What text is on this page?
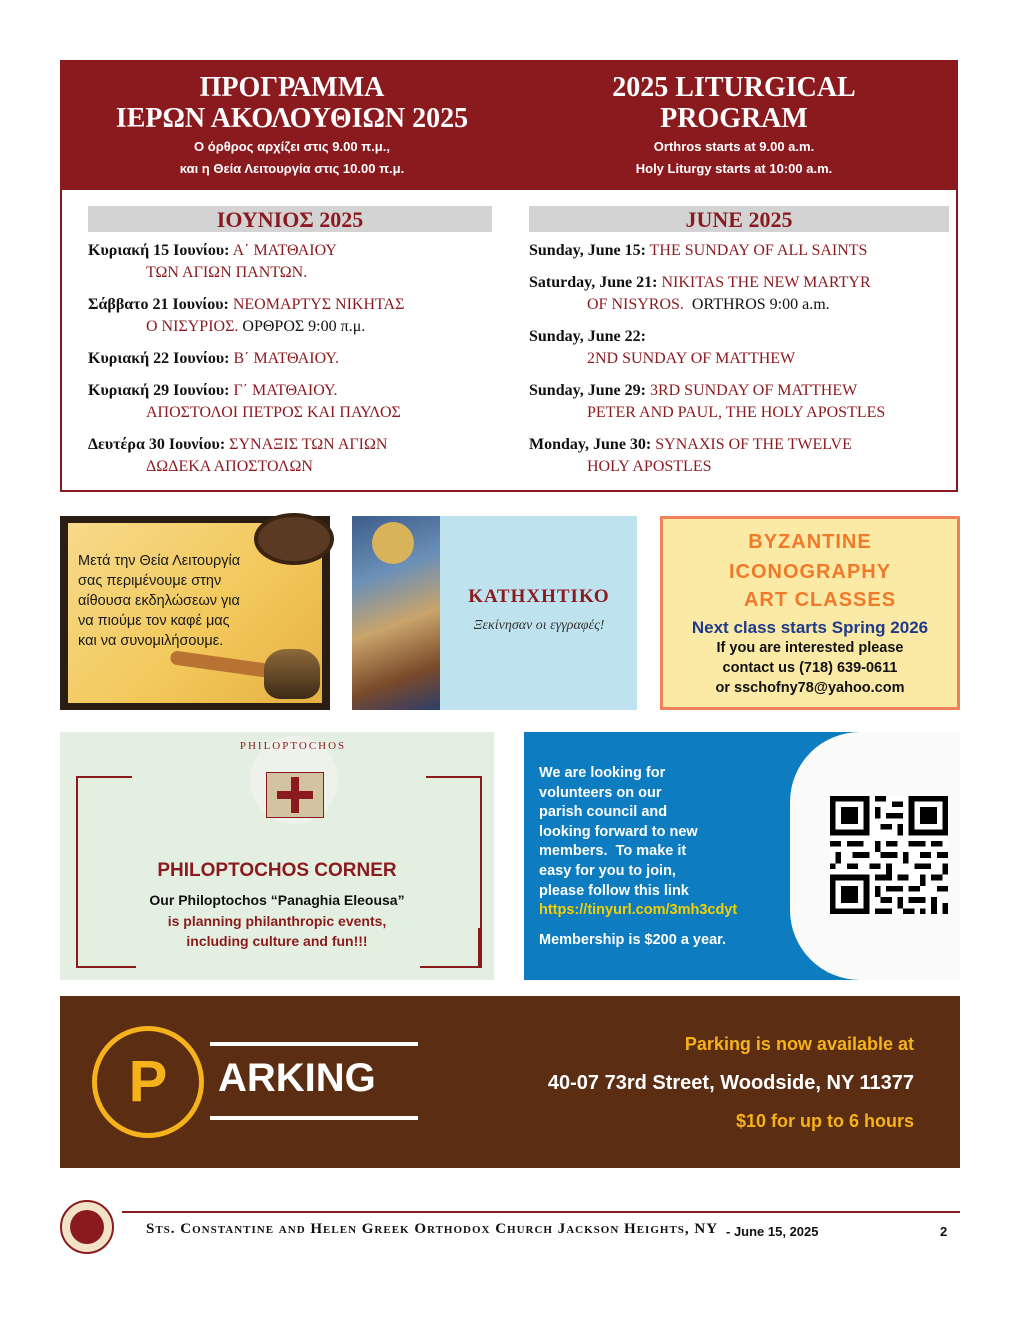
ΠΡΟΓΡΑΜΜΑ
ΙΕΡΩΝ ΑΚΟΛΟΥΘΙΩΝ 2025
Ο όρθρος αρχίζει στις 9.00 π.μ.,
και η Θεία Λειτουργία στις 10.00 π.μ.
2025 LITURGICAL
PROGRAM
Orthros starts at 9.00 a.m.
Holy Liturgy starts at 10:00 a.m.
ΙΟΥΝΙΟΣ 2025	JUNE 2025
Κυριακή 15 Ιουνίου: Α΄ ΜΑΤΘΑΙΟΥ
ΤΩΝ ΑΓΙΩΝ ΠΑΝΤΩΝ.
Σάββατο 21 Ιουνίου: ΝΕΟΜΑΡΤΥΣ ΝΙΚΗΤΑΣ
Ο ΝΙΣΥΡΙΟΣ. ΟΡΘΡΟΣ 9:00 π.μ.
Κυριακή 22 Ιουνίου: Β΄ ΜΑΤΘΑΙΟΥ.
Κυριακή 29 Ιουνίου: Γ΄ ΜΑΤΘΑΙΟΥ.
ΑΠΟΣΤΟΛΟΙ ΠΕΤΡΟΣ ΚΑΙ ΠΑΥΛΟΣ
Δευτέρα 30 Ιουνίου: ΣΥΝΑΞΙΣ ΤΩΝ ΑΓΙΩΝ
ΔΩΔΕΚΑ ΑΠΟΣΤΟΛΩΝ
Sunday, June 15: THE SUNDAY OF ALL SAINTS
Saturday, June 21: NIKITAS THE NEW MARTYR
OF NISYROS.  ORTHROS 9:00 a.m.
Sunday, June 22:
2ND SUNDAY OF MATTHEW
Sunday, June 29: 3RD SUNDAY OF MATTHEW
PETER AND PAUL, THE HOLY APOSTLES
Monday, June 30: SYNAXIS OF THE TWELVE
HOLY APOSTLES
Μετά την Θεία Λειτουργία
σας περιμένουμε στην
αίθουσα εκδηλώσεων για
να πιούμε τον καφέ μας
και να συνομιλήσουμε.
ΚΑΤΗΧΗΤΙΚΟ
Ξεκίνησαν οι εγγραφές!
BYZANTINE
ICONOGRAPHY
ART CLASSES
Next class starts Spring 2026
If you are interested please
contact us (718) 639-0611
or sschofny78@yahoo.com
PHILOPTOCHOS
PHILOPTOCHOS CORNER
Our Philoptochos “Panaghia Eleousa”
is planning philanthropic events,
including culture and fun!!!
We are looking for
volunteers on our
parish council and
looking forward to new
members.  To make it
easy for you to join,
please follow this link
https://tinyurl.com/3mh3cdyt
Membership is $200 a year.
P	ARKING
Parking is now available at
40-07 73rd Street, Woodside, NY 11377
$10 for up to 6 hours
Sts. Constantine and Helen Greek Orthodox Church Jackson Heights, NY - June 15, 2025	2
